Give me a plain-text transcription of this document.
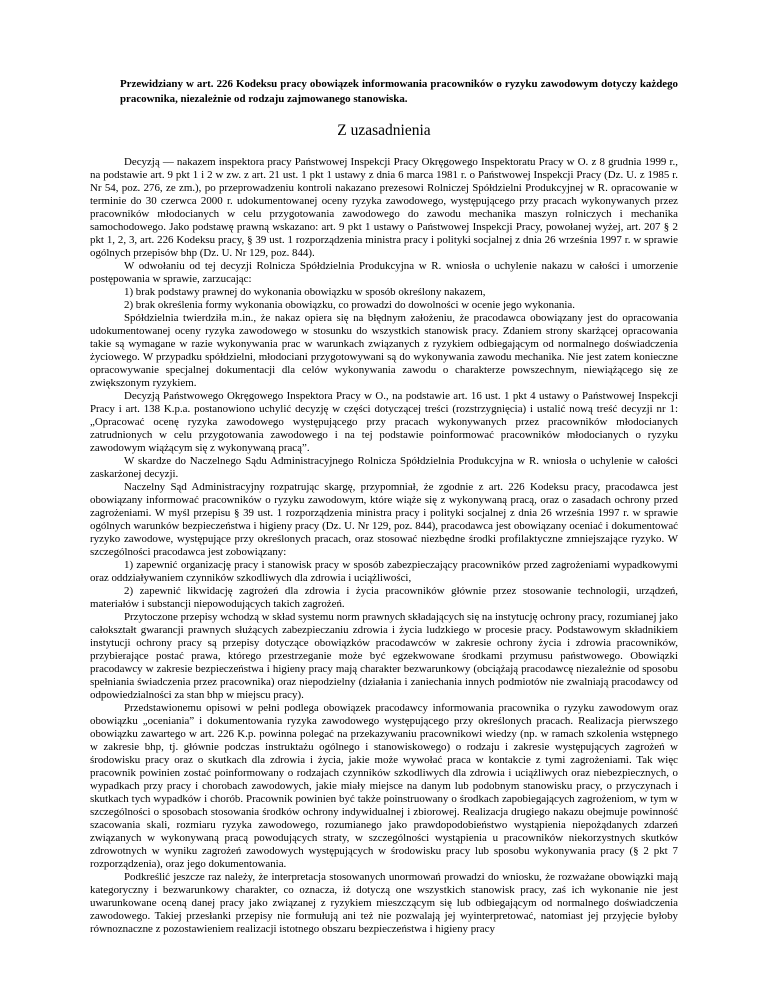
Przewidziany w art. 226 Kodeksu pracy obowiązek informowania pracowników o ryzyku zawodowym dotyczy każdego pracownika, niezależnie od rodzaju zajmowanego stanowiska.

Z uzasadnienia

Decyzją — nakazem inspektora pracy Państwowej Inspekcji Pracy Okręgowego Inspektoratu Pracy w O. z 8 grudnia 1999 r., na podstawie art. 9 pkt 1 i 2 w zw. z art. 21 ust. 1 pkt 1 ustawy z dnia 6 marca 1981 r. o Państwowej Inspekcji Pracy (Dz. U. z 1985 r. Nr 54, poz. 276, ze zm.), po przeprowadzeniu kontroli nakazano prezesowi Rolniczej Spółdzielni Produkcyjnej w R. opracowanie w terminie do 30 czerwca 2000 r. udokumentowanej oceny ryzyka zawodowego, występującego przy pracach wykonywanych przez pracowników młodocianych w celu przygotowania zawodowego do zawodu mechanika maszyn rolniczych i mechanika samochodowego. Jako podstawę prawną wskazano: art. 9 pkt 1 ustawy o Państwowej Inspekcji Pracy, powołanej wyżej, art. 207 § 2 pkt 1, 2, 3, art. 226 Kodeksu pracy, § 39 ust. 1 rozporządzenia ministra pracy i polityki socjalnej z dnia 26 września 1997 r. w sprawie ogólnych przepisów bhp (Dz. U. Nr 129, poz. 844).

W odwołaniu od tej decyzji Rolnicza Spółdzielnia Produkcyjna w R. wniosła o uchylenie nakazu w całości i umorzenie postępowania w sprawie, zarzucając:

1) brak podstawy prawnej do wykonania obowiązku w sposób określony nakazem,

2) brak określenia formy wykonania obowiązku, co prowadzi do dowolności w ocenie jego wykonania.

Spółdzielnia twierdziła m.in., że nakaz opiera się na błędnym założeniu, że pracodawca obowiązany jest do opracowania udokumentowanej oceny ryzyka zawodowego w stosunku do wszystkich stanowisk pracy. Zdaniem strony skarżącej opracowania takie są wymagane w razie wykonywania prac w warunkach związanych z ryzykiem odbiegającym od normalnego doświadczenia życiowego. W przypadku spółdzielni, młodociani przygotowywani są do wykonywania zawodu mechanika. Nie jest zatem konieczne opracowywanie specjalnej dokumentacji dla celów wykonywania zawodu o charakterze powszechnym, niewiążącego się ze zwiększonym ryzykiem.

Decyzją Państwowego Okręgowego Inspektora Pracy w O., na podstawie art. 16 ust. 1 pkt 4 ustawy o Państwowej Inspekcji Pracy i art. 138 K.p.a. postanowiono uchylić decyzję w części dotyczącej treści (rozstrzygnięcia) i ustalić nową treść decyzji nr 1: „Opracować ocenę ryzyka zawodowego występującego przy pracach wykonywanych przez pracowników młodocianych zatrudnionych w celu przygotowania zawodowego i na tej podstawie poinformować pracowników młodocianych o ryzyku zawodowym wiążącym się z wykonywaną pracą”.

W skardze do Naczelnego Sądu Administracyjnego Rolnicza Spółdzielnia Produkcyjna w R. wniosła o uchylenie w całości zaskarżonej decyzji.

Naczelny Sąd Administracyjny rozpatrując skargę, przypomniał, że zgodnie z art. 226 Kodeksu pracy, pracodawca jest obowiązany informować pracowników o ryzyku zawodowym, które wiąże się z wykonywaną pracą, oraz o zasadach ochrony przed zagrożeniami. W myśl przepisu § 39 ust. 1 rozporządzenia ministra pracy i polityki socjalnej z dnia 26 września 1997 r. w sprawie ogólnych warunków bezpieczeństwa i higieny pracy (Dz. U. Nr 129, poz. 844), pracodawca jest obowiązany oceniać i dokumentować ryzyko zawodowe, występujące przy określonych pracach, oraz stosować niezbędne środki profilaktyczne zmniejszające ryzyko. W szczególności pracodawca jest zobowiązany:

1) zapewnić organizację pracy i stanowisk pracy w sposób zabezpieczający pracowników przed zagrożeniami wypadkowymi oraz oddziaływaniem czynników szkodliwych dla zdrowia i uciążliwości,

2) zapewnić likwidację zagrożeń dla zdrowia i życia pracowników głównie przez stosowanie technologii, urządzeń, materiałów i substancji niepowodujących takich zagrożeń.

Przytoczone przepisy wchodzą w skład systemu norm prawnych składających się na instytucję ochrony pracy, rozumianej jako całokształt gwarancji prawnych służących zabezpieczaniu zdrowia i życia ludzkiego w procesie pracy. Podstawowym składnikiem instytucji ochrony pracy są przepisy dotyczące obowiązków pracodawców w zakresie ochrony życia i zdrowia pracowników, przybierające postać prawa, którego przestrzeganie może być egzekwowane środkami przymusu państwowego. Obowiązki pracodawcy w zakresie bezpieczeństwa i higieny pracy mają charakter bezwarunkowy (obciążają pracodawcę niezależnie od sposobu spełniania świadczenia przez pracownika) oraz niepodzielny (działania i zaniechania innych podmiotów nie zwalniają pracodawcy od odpowiedzialności za stan bhp w miejscu pracy).

Przedstawionemu opisowi w pełni podlega obowiązek pracodawcy informowania pracownika o ryzyku zawodowym oraz obowiązku „oceniania” i dokumentowania ryzyka zawodowego występującego przy określonych pracach. Realizacja pierwszego obowiązku zawartego w art. 226 K.p. powinna polegać na przekazywaniu pracownikowi wiedzy (np. w ramach szkolenia wstępnego w zakresie bhp, tj. głównie podczas instruktażu ogólnego i stanowiskowego) o rodzaju i zakresie występujących zagrożeń w środowisku pracy oraz o skutkach dla zdrowia i życia, jakie może wywołać praca w kontakcie z tymi zagrożeniami. Tak więc pracownik powinien zostać poinformowany o rodzajach czynników szkodliwych dla zdrowia i uciążliwych oraz niebezpiecznych, o wypadkach przy pracy i chorobach zawodowych, jakie miały miejsce na danym lub podobnym stanowisku pracy, o przyczynach i skutkach tych wypadków i chorób. Pracownik powinien być także poinstruowany o środkach zapobiegających zagrożeniom, w tym w szczególności o sposobach stosowania środków ochrony indywidualnej i zbiorowej. Realizacja drugiego nakazu obejmuje powinność szacowania skali, rozmiaru ryzyka zawodowego, rozumianego jako prawdopodobieństwo wystąpienia niepożądanych zdarzeń związanych w wykonywaną pracą powodujących straty, w szczególności wystąpienia u pracowników niekorzystnych skutków zdrowotnych w wyniku zagrożeń zawodowych występujących w środowisku pracy lub sposobu wykonywania pracy (§ 2 pkt 7 rozporządzenia), oraz jego dokumentowania.

Podkreślić jeszcze raz należy, że interpretacja stosowanych unormowań prowadzi do wniosku, że rozważane obowiązki mają kategoryczny i bezwarunkowy charakter, co oznacza, iż dotyczą one wszystkich stanowisk pracy, zaś ich wykonanie nie jest uwarunkowane oceną danej pracy jako związanej z ryzykiem mieszczącym się lub odbiegającym od normalnego doświadczenia zawodowego. Takiej przesłanki przepisy nie formułują ani też nie pozwalają jej wyinterpretować, natomiast jej przyjęcie byłoby równoznaczne z pozostawieniem realizacji istotnego obszaru bezpieczeństwa i higieny pracy
